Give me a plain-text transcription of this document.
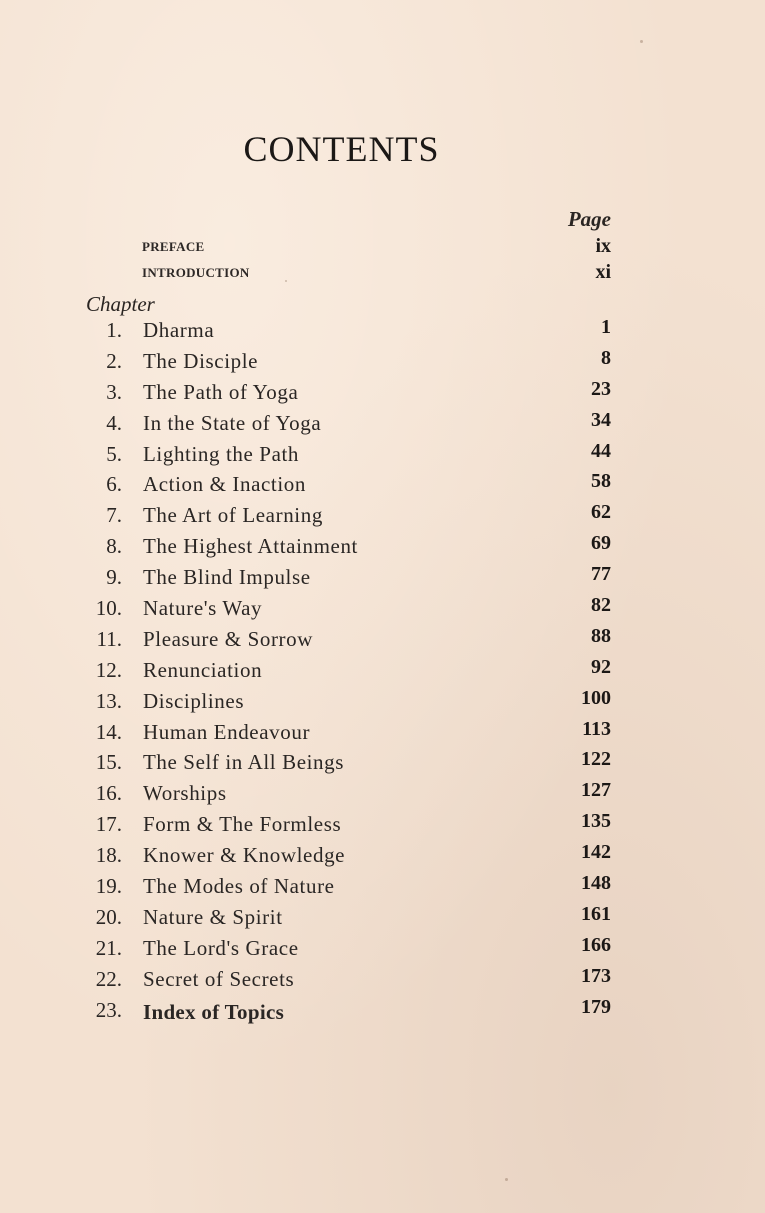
CONTENTS
Page
PREFACE	ix
INTRODUCTION	xi
Chapter
1. Dharma	1
2. The Disciple	8
3. The Path of Yoga	23
4. In the State of Yoga	34
5. Lighting the Path	44
6. Action & Inaction	58
7. The Art of Learning	62
8. The Highest Attainment	69
9. The Blind Impulse	77
10. Nature's Way	82
11. Pleasure & Sorrow	88
12. Renunciation	92
13. Disciplines	100
14. Human Endeavour	113
15. The Self in All Beings	122
16. Worships	127
17. Form & The Formless	135
18. Knower & Knowledge	142
19. The Modes of Nature	148
20. Nature & Spirit	161
21. The Lord's Grace	166
22. Secret of Secrets	173
23. Index of Topics	179
